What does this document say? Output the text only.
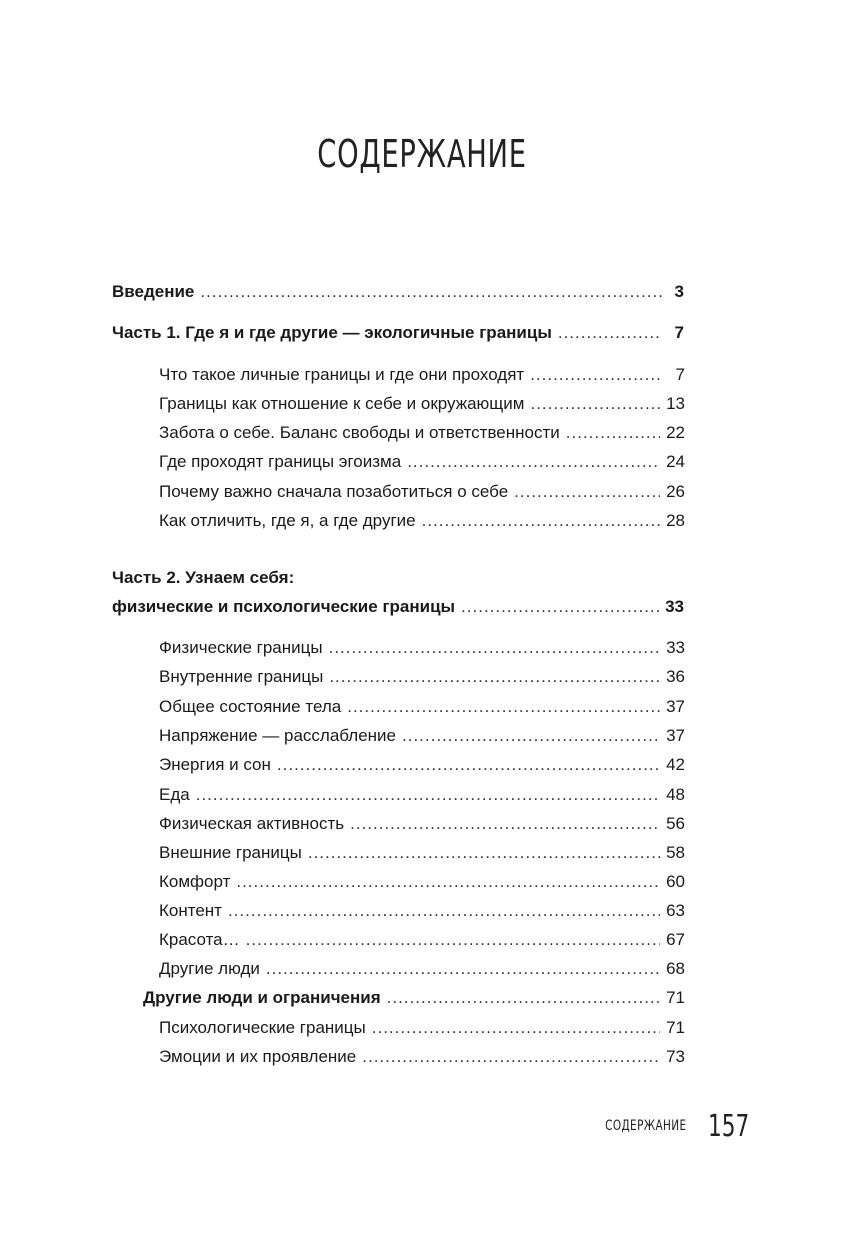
СОДЕРЖАНИЕ
Введение .....	3
Часть 1. Где я и где другие — экологичные границы .....	7
Что такое личные границы и где они проходят .....	7
Границы как отношение к себе и окружающим .....	13
Забота о себе. Баланс свободы и ответственности .....	22
Где проходят границы эгоизма .....	24
Почему важно сначала позаботиться о себе .....	26
Как отличить, где я, а где другие .....	28
Часть 2. Узнаем себя:
физические и психологические границы .....	33
Физические границы .....	33
Внутренние границы .....	36
Общее состояние тела .....	37
Напряжение — расслабление .....	37
Энергия и сон .....	42
Еда .....	48
Физическая активность .....	56
Внешние границы .....	58
Комфорт .....	60
Контент .....	63
Красота… .....	67
Другие люди .....	68
Другие люди и ограничения .....	71
Психологические границы .....	71
Эмоции и их проявление .....	73
СОДЕРЖАНИЕ 157
